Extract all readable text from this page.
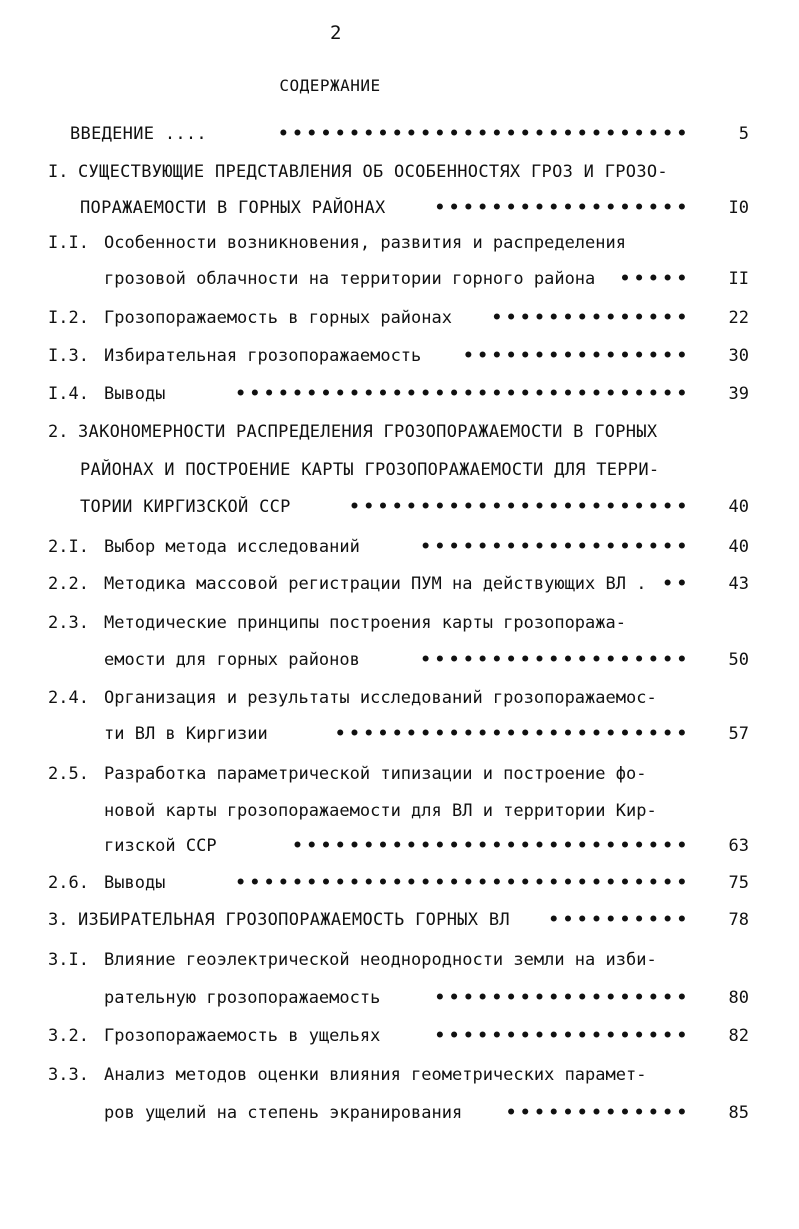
2
СОДЕРЖАНИЕ
ВВЕДЕНИЕ ....	•••••••••••••••••••••••••••••	5
I. СУЩЕСТВУЮЩИЕ ПРЕДСТАВЛЕНИЯ ОБ ОСОБЕННОСТЯХ ГРОЗ И ГРОЗО-
ПОРАЖАЕМОСТИ В ГОРНЫХ РАЙОНАХ	••••••••••••••••••	I0
I.I. Особенности возникновения, развития и распределения
грозовой облачности на территории горного района	•••••	II
I.2. Грозопоражаемость в горных районах	••••••••••••••	22
I.3. Избирательная грозопоражаемость	••••••••••••••••	30
I.4. Выводы	••••••••••••••••••••••••••••••••	39
2. ЗАКОНОМЕРНОСТИ РАСПРЕДЕЛЕНИЯ ГРОЗОПОРАЖАЕМОСТИ В ГОРНЫХ
РАЙОНАХ И ПОСТРОЕНИЕ КАРТЫ ГРОЗОПОРАЖАЕМОСТИ ДЛЯ ТЕРРИ-
ТОРИИ КИРГИЗСКОЙ ССР	••••••••••••••••••••••••	40
2.I. Выбор метода исследований	•••••••••••••••••••	40
2.2. Методика массовой регистрации ПУМ на действующих ВЛ . ••	43
2.3. Методические принципы построения карты грозопоража-
емости для горных районов	•••••••••••••••••••	50
2.4. Организация и результаты исследований грозопоражаемос-
ти ВЛ в Киргизии	•••••••••••••••••••••••••	57
2.5. Разработка параметрической типизации и построение фо-
новой карты грозопоражаемости для ВЛ и территории Кир-
гизской ССР	••••••••••••••••••••••••••••	63
2.6. Выводы	••••••••••••••••••••••••••••••••	75
3. ИЗБИРАТЕЛЬНАЯ ГРОЗОПОРАЖАЕМОСТЬ ГОРНЫХ ВЛ	••••••••••	78
3.I. Влияние геоэлектрической неоднородности земли на изби-
рательную грозопоражаемость	••••••••••••••••••	80
3.2. Грозопоражаемость в ущельях	••••••••••••••••••	82
3.3. Анализ методов оценки влияния геометрических парамет-
ров ущелий на степень экранирования	•••••••••••••	85
